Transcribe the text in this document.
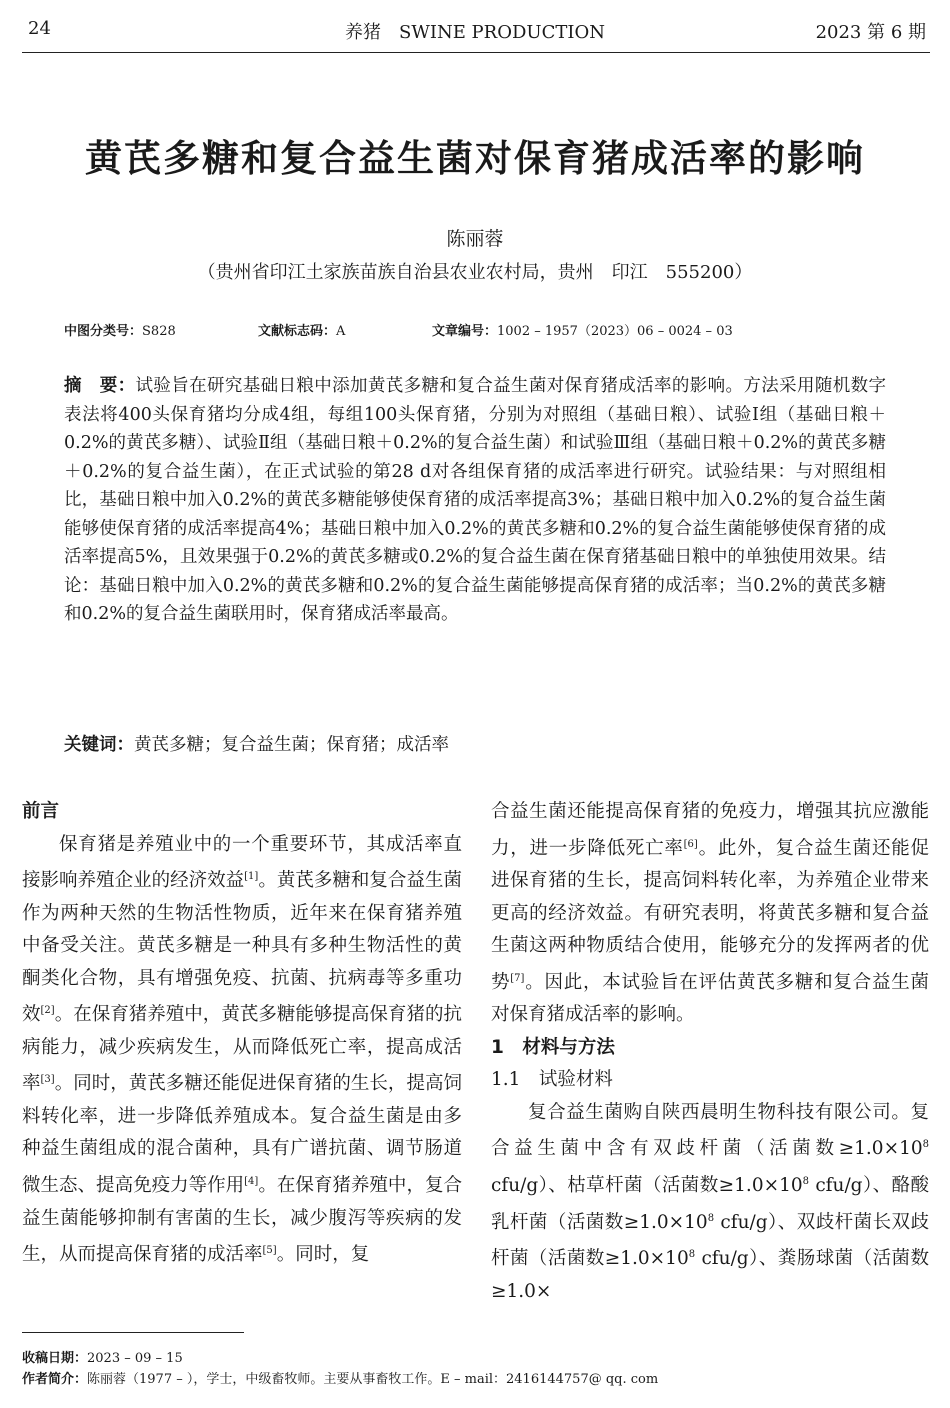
24	养猪　SWINE PRODUCTION	2023 第 6 期
黄芪多糖和复合益生菌对保育猪成活率的影响
陈丽蓉
（贵州省印江土家族苗族自治县农业农村局，贵州　印江　555200）
中图分类号：S828	文献标志码：A	文章编号：1002 – 1957（2023）06 – 0024 – 03
摘　要：试验旨在研究基础日粮中添加黄芪多糖和复合益生菌对保育猪成活率的影响。方法采用随机数字表法将400头保育猪均分成4组，每组100头保育猪，分别为对照组（基础日粮）、试验Ⅰ组（基础日粮＋0.2%的黄芪多糖）、试验Ⅱ组（基础日粮＋0.2%的复合益生菌）和试验Ⅲ组（基础日粮＋0.2%的黄芪多糖＋0.2%的复合益生菌），在正式试验的第28 d对各组保育猪的成活率进行研究。试验结果：与对照组相比，基础日粮中加入0.2%的黄芪多糖能够使保育猪的成活率提高3%；基础日粮中加入0.2%的复合益生菌能够使保育猪的成活率提高4%；基础日粮中加入0.2%的黄芪多糖和0.2%的复合益生菌能够使保育猪的成活率提高5%，且效果强于0.2%的黄芪多糖或0.2%的复合益生菌在保育猪基础日粮中的单独使用效果。结论：基础日粮中加入0.2%的黄芪多糖和0.2%的复合益生菌能够提高保育猪的成活率；当0.2%的黄芪多糖和0.2%的复合益生菌联用时，保育猪成活率最高。
关键词：黄芪多糖；复合益生菌；保育猪；成活率

前言

保育猪是养殖业中的一个重要环节，其成活率直接影响养殖企业的经济效益[1]。黄芪多糖和复合益生菌作为两种天然的生物活性物质，近年来在保育猪养殖中备受关注。黄芪多糖是一种具有多种生物活性的黄酮类化合物，具有增强免疫、抗菌、抗病毒等多重功效[2]。在保育猪养殖中，黄芪多糖能够提高保育猪的抗病能力，减少疾病发生，从而降低死亡率，提高成活率[3]。同时，黄芪多糖还能促进保育猪的生长，提高饲料转化率，进一步降低养殖成本。复合益生菌是由多种益生菌组成的混合菌种，具有广谱抗菌、调节肠道微生态、提高免疫力等作用[4]。在保育猪养殖中，复合益生菌能够抑制有害菌的生长，减少腹泻等疾病的发生，从而提高保育猪的成活率[5]。同时，复

合益生菌还能提高保育猪的免疫力，增强其抗应激能力，进一步降低死亡率[6]。此外，复合益生菌还能促进保育猪的生长，提高饲料转化率，为养殖企业带来更高的经济效益。有研究表明，将黄芪多糖和复合益生菌这两种物质结合使用，能够充分的发挥两者的优势[7]。因此，本试验旨在评估黄芪多糖和复合益生菌对保育猪成活率的影响。

1　材料与方法

1.1　试验材料

复合益生菌购自陕西晨明生物科技有限公司。复合益生菌中含有双歧杆菌（活菌数$\ge 1.0\times 10^8$ cfu/g）、枯草杆菌（活菌数$\ge 1.0\times 10^8$ cfu/g）、酪酸乳杆菌（活菌数$\ge 1.0\times 10^8$ cfu/g）、双歧杆菌长双歧杆菌（活菌数$\ge 1.0\times 10^8$ cfu/g）、粪肠球菌（活菌数≥1.0×

收稿日期：2023 – 09 – 15
作者简介：陈丽蓉（1977 – ），学士，中级畜牧师。主要从事畜牧工作。E – mail：2416144757@ qq. com
